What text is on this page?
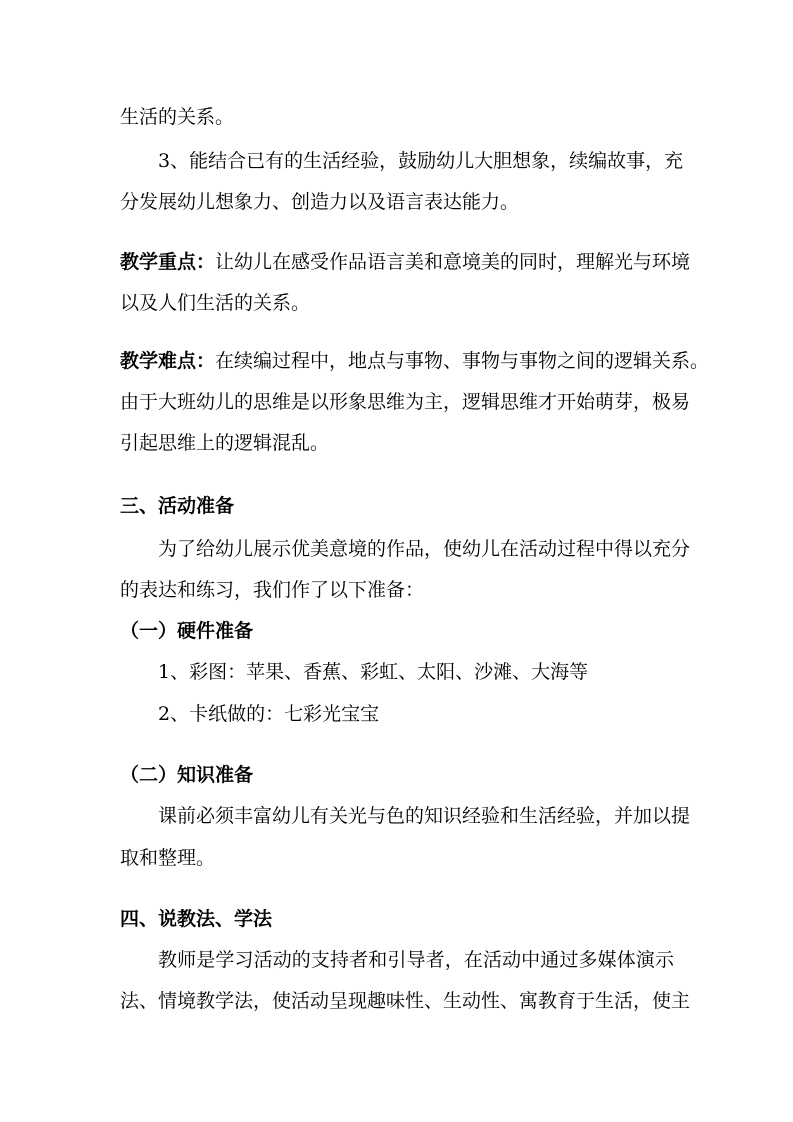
生活的关系。
3、能结合已有的生活经验，鼓励幼儿大胆想象，续编故事，充
分发展幼儿想象力、创造力以及语言表达能力。
教学重点：让幼儿在感受作品语言美和意境美的同时，理解光与环境
以及人们生活的关系。
教学难点：在续编过程中，地点与事物、事物与事物之间的逻辑关系。
由于大班幼儿的思维是以形象思维为主，逻辑思维才开始萌芽，极易
引起思维上的逻辑混乱。
三、活动准备
为了给幼儿展示优美意境的作品，使幼儿在活动过程中得以充分
的表达和练习，我们作了以下准备：
（一）硬件准备
1、彩图：苹果、香蕉、彩虹、太阳、沙滩、大海等
2、卡纸做的：七彩光宝宝
（二）知识准备
课前必须丰富幼儿有关光与色的知识经验和生活经验，并加以提
取和整理。
四、说教法、学法
教师是学习活动的支持者和引导者，在活动中通过多媒体演示
法、情境教学法，使活动呈现趣味性、生动性、寓教育于生活，使主
